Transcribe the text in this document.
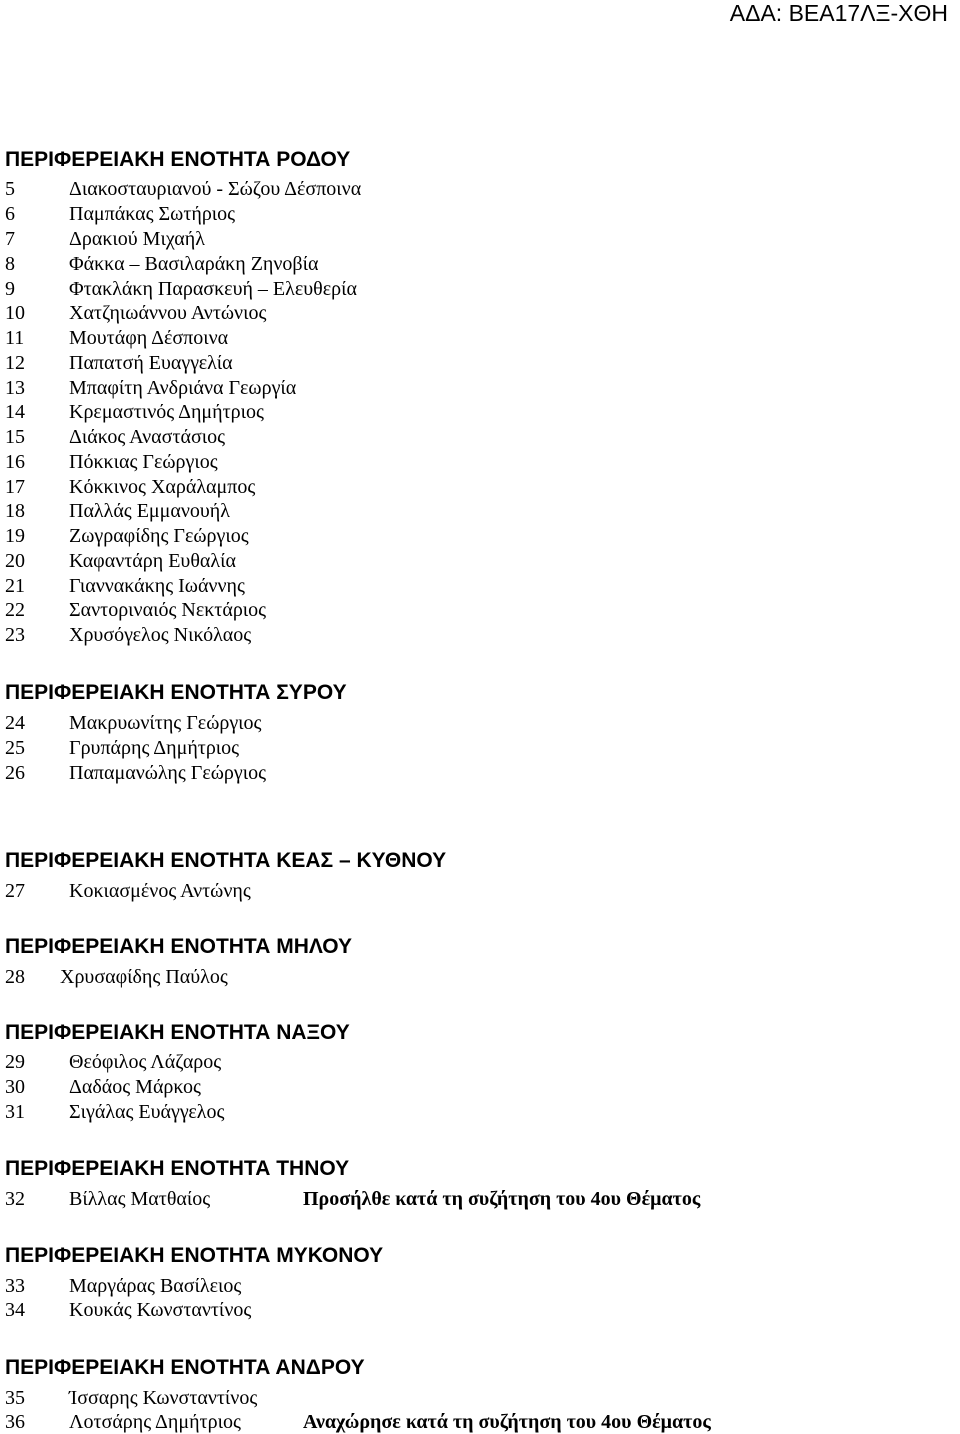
ΑΔΑ: ΒΕΑ17ΛΞ-ΧΘΗ
ΠΕΡΙΦΕΡΕΙΑΚΗ ΕΝΟΤΗΤΑ ΡΟΔΟΥ
5	Διακοσταυριανού - Σώζου Δέσποινα
6	Παμπάκας Σωτήριος
7	Δρακιού Μιχαήλ
8	Φάκκα – Βασιλαράκη Ζηνοβία
9	Φτακλάκη Παρασκευή – Ελευθερία
10 Χατζηιωάννου Αντώνιος
11 Μουτάφη Δέσποινα
12 Παπατσή Ευαγγελία
13 Μπαφίτη Ανδριάνα Γεωργία
14 Κρεμαστινός Δημήτριος
15 Διάκος Αναστάσιος
16 Πόκκιας Γεώργιος
17 Κόκκινος Χαράλαμπος
18 Παλλάς Εμμανουήλ
19 Ζωγραφίδης Γεώργιος
20 Καφαντάρη Ευθαλία
21 Γιαννακάκης Ιωάννης
22 Σαντοριναιός Νεκτάριος
23 Χρυσόγελος Νικόλαος
ΠΕΡΙΦΕΡΕΙΑΚΗ ΕΝΟΤΗΤΑ ΣΥΡΟΥ
24 Μακρυωνίτης Γεώργιος
25 Γρυπάρης Δημήτριος
26 Παπαμανώλης Γεώργιος
ΠΕΡΙΦΕΡΕΙΑΚΗ ΕΝΟΤΗΤΑ ΚΕΑΣ – ΚΥΘΝΟΥ
27 Κοκιασμένος Αντώνης
ΠΕΡΙΦΕΡΕΙΑΚΗ ΕΝΟΤΗΤΑ ΜΗΛΟΥ
28 Χρυσαφίδης Παύλος
ΠΕΡΙΦΕΡΕΙΑΚΗ ΕΝΟΤΗΤΑ ΝΑΞΟΥ
29 Θεόφιλος Λάζαρος
30 Δαδάος Μάρκος
31 Σιγάλας Ευάγγελος
ΠΕΡΙΦΕΡΕΙΑΚΗ ΕΝΟΤΗΤΑ ΤΗΝΟΥ
32 Βίλλας Ματθαίος	Προσήλθε κατά τη συζήτηση του 4ου Θέματος
ΠΕΡΙΦΕΡΕΙΑΚΗ ΕΝΟΤΗΤΑ ΜΥΚΟΝΟΥ
33 Μαργάρας Βασίλειος
34 Κουκάς Κωνσταντίνος
ΠΕΡΙΦΕΡΕΙΑΚΗ ΕΝΟΤΗΤΑ ΑΝΔΡΟΥ
35 Ίσσαρης Κωνσταντίνος
36 Λοτσάρης Δημήτριος	Αναχώρησε κατά τη συζήτηση του 4ου Θέματος
